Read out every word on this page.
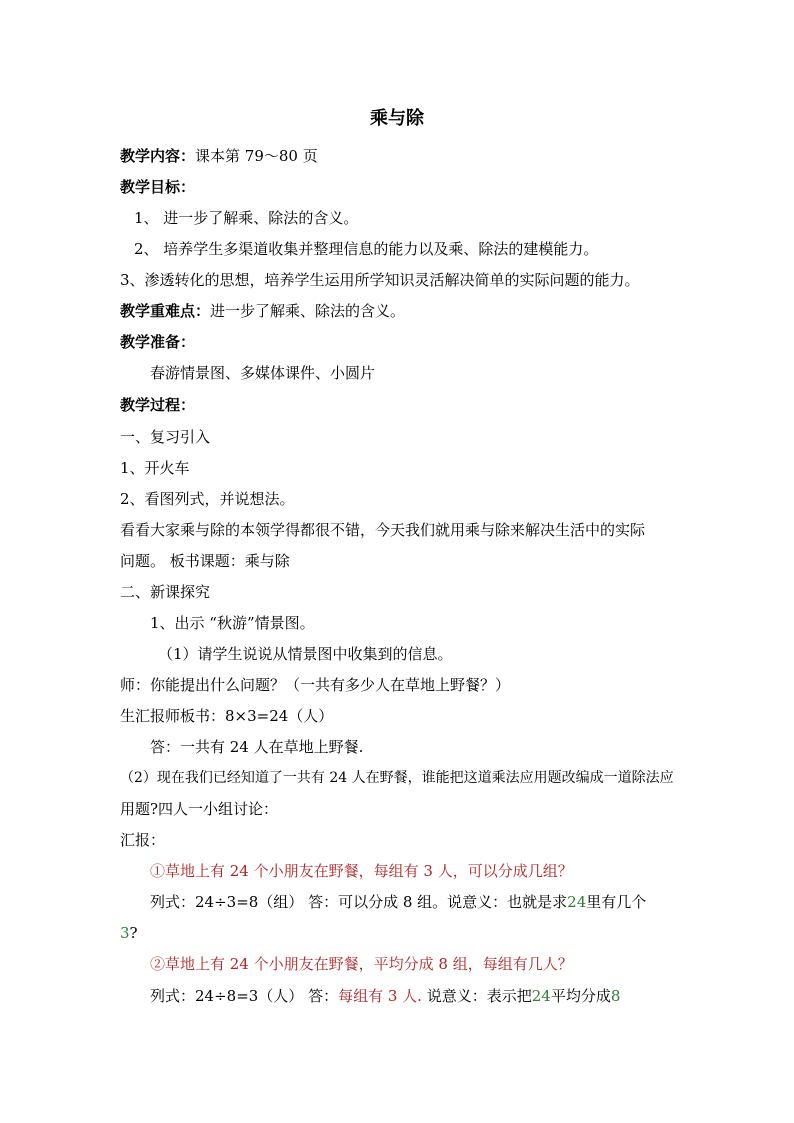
乘与除
教学内容：课本第 79～80 页
教学目标：
1、 进一步了解乘、除法的含义。
2、 培养学生多渠道收集并整理信息的能力以及乘、除法的建模能力。
3、渗透转化的思想，培养学生运用所学知识灵活解决简单的实际问题的能力。
教学重难点：进一步了解乘、除法的含义。
教学准备：
春游情景图、多媒体课件、小圆片
教学过程：
一、复习引入
1、开火车
2、看图列式，并说想法。
看看大家乘与除的本领学得都很不错，今天我们就用乘与除来解决生活中的实际
问题。 板书课题：乘与除
二、新课探究
1、出示 “秋游”情景图。
（1）请学生说说从情景图中收集到的信息。
师：你能提出什么问题？（一共有多少人在草地上野餐？）
生汇报师板书：8×3=24（人）
答：一共有 24 人在草地上野餐.
（2）现在我们已经知道了一共有 24 人在野餐，谁能把这道乘法应用题改编成一道除法应
用题?四人一小组讨论：
汇报：
①草地上有 24 个小朋友在野餐，每组有 3 人，可以分成几组？
列式：24÷3=8（组） 答：可以分成 8 组。说意义：也就是求24里有几个
3?
②草地上有 24 个小朋友在野餐，平均分成 8 组，每组有几人？
列式：24÷8=3（人） 答：每组有 3 人. 说意义：表示把24平均分成8
